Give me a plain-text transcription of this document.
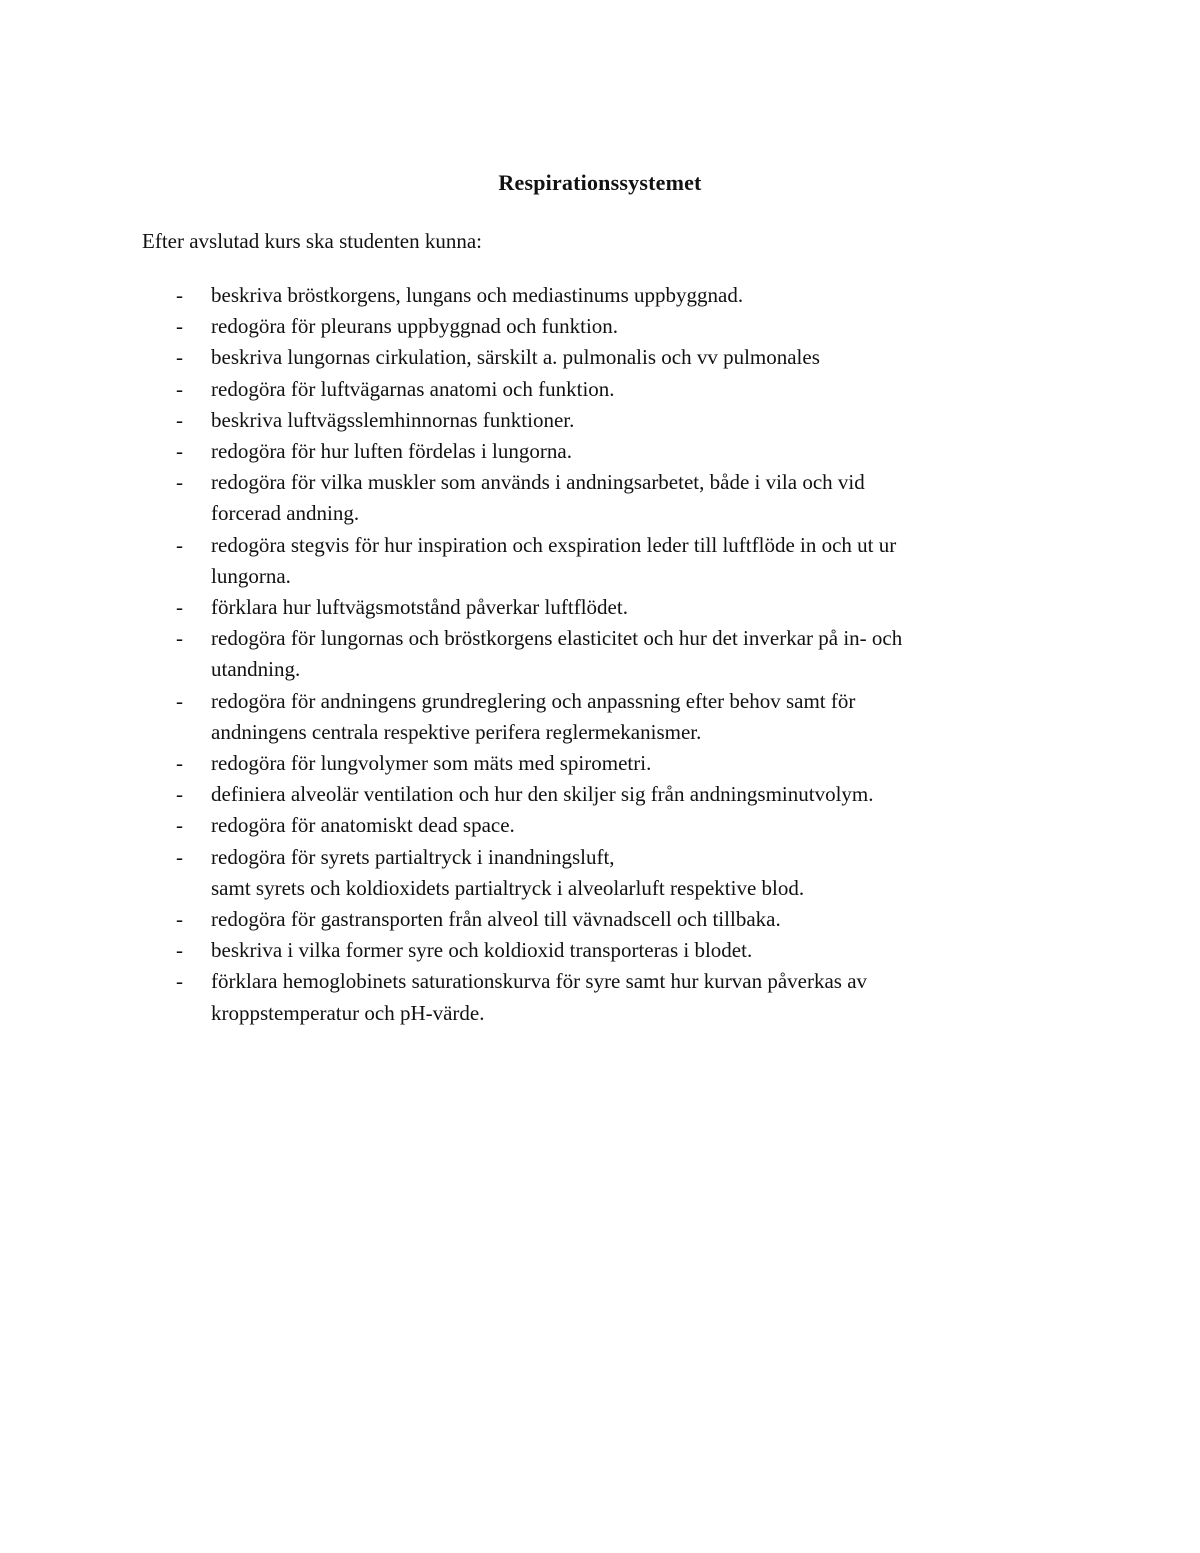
Respirationssystemet
Efter avslutad kurs ska studenten kunna:
- beskriva bröstkorgens, lungans och mediastinums uppbyggnad.
- redogöra för pleurans uppbyggnad och funktion.
- beskriva lungornas cirkulation, särskilt a. pulmonalis och vv pulmonales
- redogöra för luftvägarnas anatomi och funktion.
- beskriva luftvägsslemhinnornas funktioner.
- redogöra för hur luften fördelas i lungorna.
- redogöra för vilka muskler som används i andningsarbetet, både i vila och vid
forcerad andning.
- redogöra stegvis för hur inspiration och exspiration leder till luftflöde in och ut ur
lungorna.
- förklara hur luftvägsmotstånd påverkar luftflödet.
- redogöra för lungornas och bröstkorgens elasticitet och hur det inverkar på in- och
utandning.
- redogöra för andningens grundreglering och anpassning efter behov samt för
andningens centrala respektive perifera reglermekanismer.
- redogöra för lungvolymer som mäts med spirometri.
- definiera alveolär ventilation och hur den skiljer sig från andningsminutvolym.
- redogöra för anatomiskt dead space.
- redogöra för syrets partialtryck i inandningsluft,
samt syrets och koldioxidets partialtryck i alveolarluft respektive blod.
- redogöra för gastransporten från alveol till vävnadscell och tillbaka.
- beskriva i vilka former syre och koldioxid transporteras i blodet.
- förklara hemoglobinets saturationskurva för syre samt hur kurvan påverkas av
kroppstemperatur och pH-värde.
